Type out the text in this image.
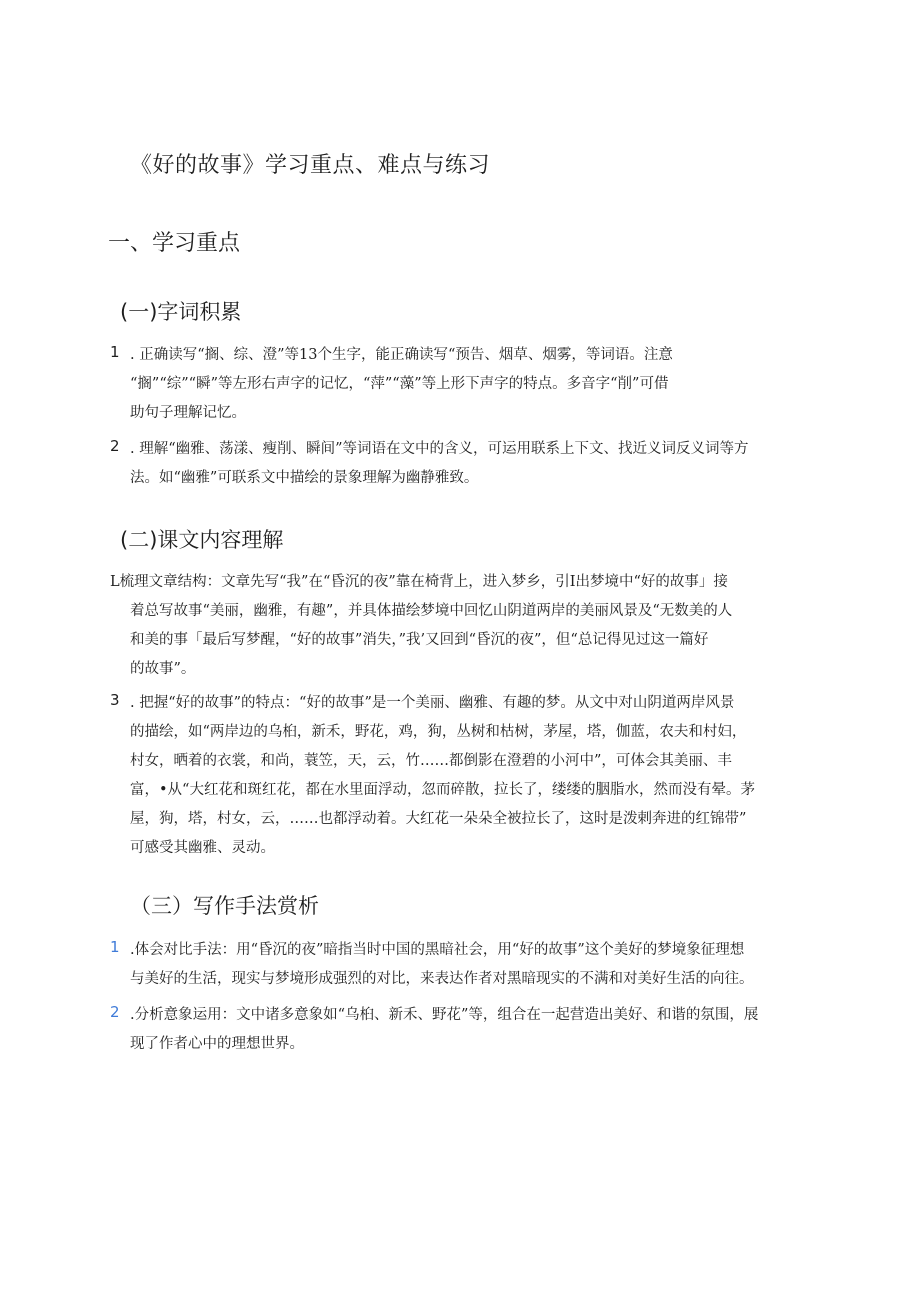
《好的故事》学习重点、难点与练习
一、学习重点
(一)字词积累
1 . 正确读写“搁、综、澄”等13个生字，能正确读写“预告、烟草、烟雾，等词语。注意
“搁”“综”“瞬”等左形右声字的记忆，“萍”“藻”等上形下声字的特点。多音字“削”可借
助句子理解记忆。
2 . 理解“幽雅、荡漾、瘦削、瞬间”等词语在文中的含义，可运用联系上下文、找近义词反义词等方
法。如“幽雅”可联系文中描绘的景象理解为幽静雅致。
(二)课文内容理解
L梳理文章结构：文章先写“我”在“昏沉的夜”靠在椅背上，进入梦乡，引I出梦境中“好的故事」接
着总写故事“美丽，幽雅，有趣”，并具体描绘梦境中回忆山阴道两岸的美丽风景及“无数美的人
和美的事「最后写梦醒，“好的故事”消失，”我’又回到“昏沉的夜”，但“总记得见过这一篇好
的故事”。
3 . 把握“好的故事”的特点：“好的故事”是一个美丽、幽雅、有趣的梦。从文中对山阴道两岸风景
的描绘，如“两岸边的乌桕，新禾，野花，鸡，狗，丛树和枯树，茅屋，塔，伽蓝，农夫和村妇，
村女，晒着的衣裳，和尚，蓑笠，天，云，竹……都倒影在澄碧的小河中”，可体会其美丽、丰
富，•从“大红花和斑红花，都在水里面浮动，忽而碎散，拉长了，缕缕的胭脂水，然而没有晕。茅
屋，狗，塔，村女，云，……也都浮动着。大红花一朵朵全被拉长了，这时是泼剌奔进的红锦带”
可感受其幽雅、灵动。
（三）写作手法赏析
1 .体会对比手法：用“昏沉的夜”暗指当时中国的黑暗社会，用“好的故事”这个美好的梦境象征理想
与美好的生活，现实与梦境形成强烈的对比，来表达作者对黑暗现实的不满和对美好生活的向往。
2 .分析意象运用：文中诸多意象如“乌桕、新禾、野花”等，组合在一起营造出美好、和谐的氛围，展
现了作者心中的理想世界。
